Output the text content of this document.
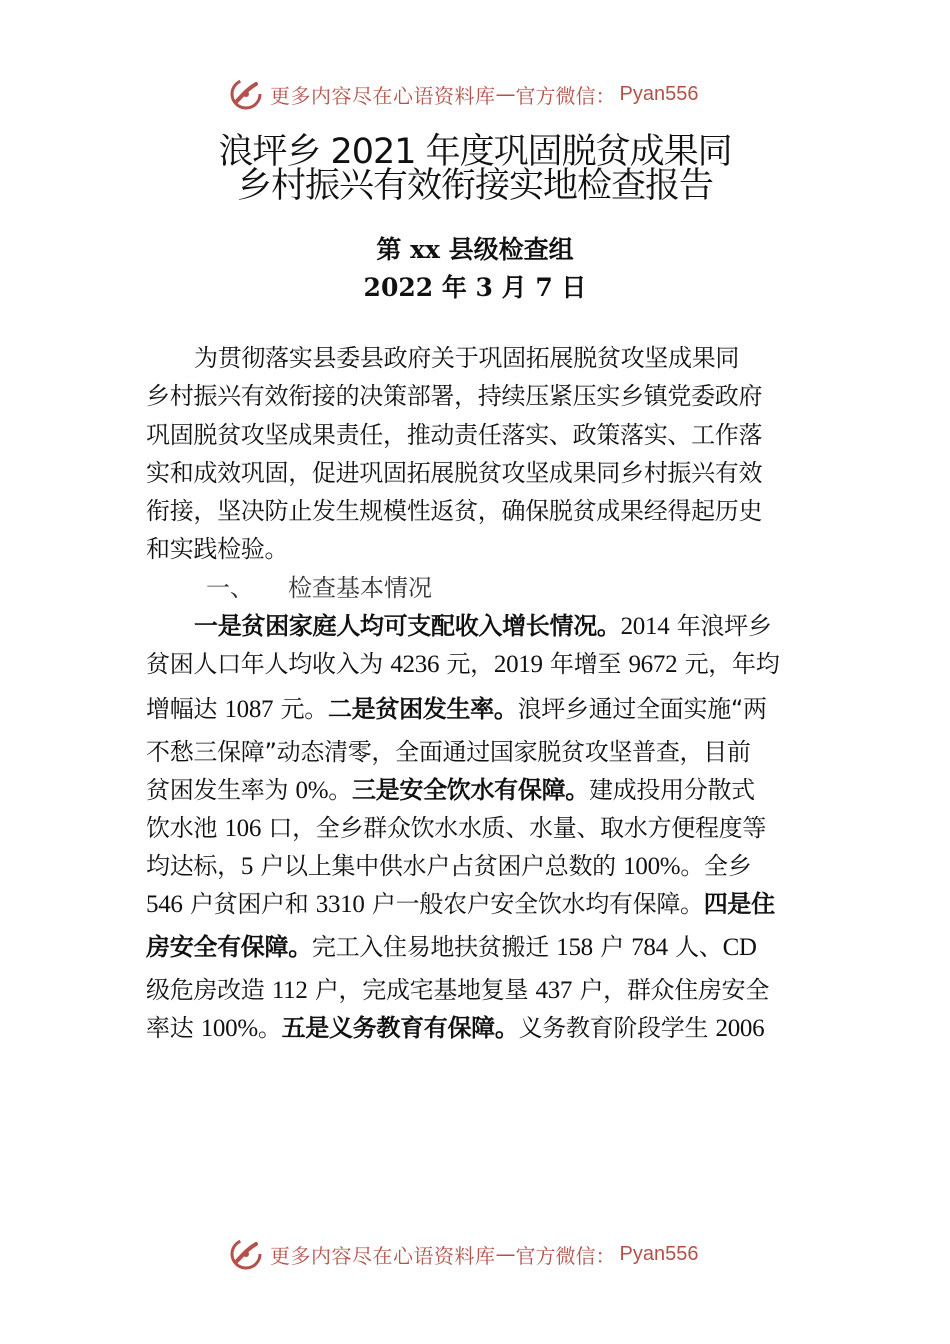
更多内容尽在心语资料库 — 官方微信： Pyan556
浪坪乡 2021 年度巩固脱贫成果同
乡村振兴有效衔接实地检查报告
第 xx 县级检查组
2022 年 3 月 7 日
为贯彻落实县委县政府关于巩固拓展脱贫攻坚成果同
乡村振兴有效衔接的决策部署，持续压紧压实乡镇党委政府
巩固脱贫攻坚成果责任，推动责任落实、政策落实、工作落
实和成效巩固，促进巩固拓展脱贫攻坚成果同乡村振兴有效
衔接，坚决防止发生规模性返贫，确保脱贫成果经得起历史
和实践检验。
一、 检查基本情况
一是贫困家庭人均可支配收入增长情况。2014 年浪坪乡
贫困人口年人均收入为 4236 元，2019 年增至 9672 元，年均
增幅达 1087 元。二是贫困发生率。浪坪乡通过全面实施“两
不愁三保障”动态清零，全面通过国家脱贫攻坚普查，目前
贫困发生率为 0%。三是安全饮水有保障。建成投用分散式
饮水池 106 口，全乡群众饮水水质、水量、取水方便程度等
均达标，5 户以上集中供水户占贫困户总数的 100%。全乡
546 户贫困户和 3310 户一般农户安全饮水均有保障。四是住
房安全有保障。完工入住易地扶贫搬迁 158 户 784 人、CD
级危房改造 112 户，完成宅基地复垦 437 户，群众住房安全
率达 100%。五是义务教育有保障。义务教育阶段学生 2006
更多内容尽在心语资料库 — 官方微信： Pyan556
